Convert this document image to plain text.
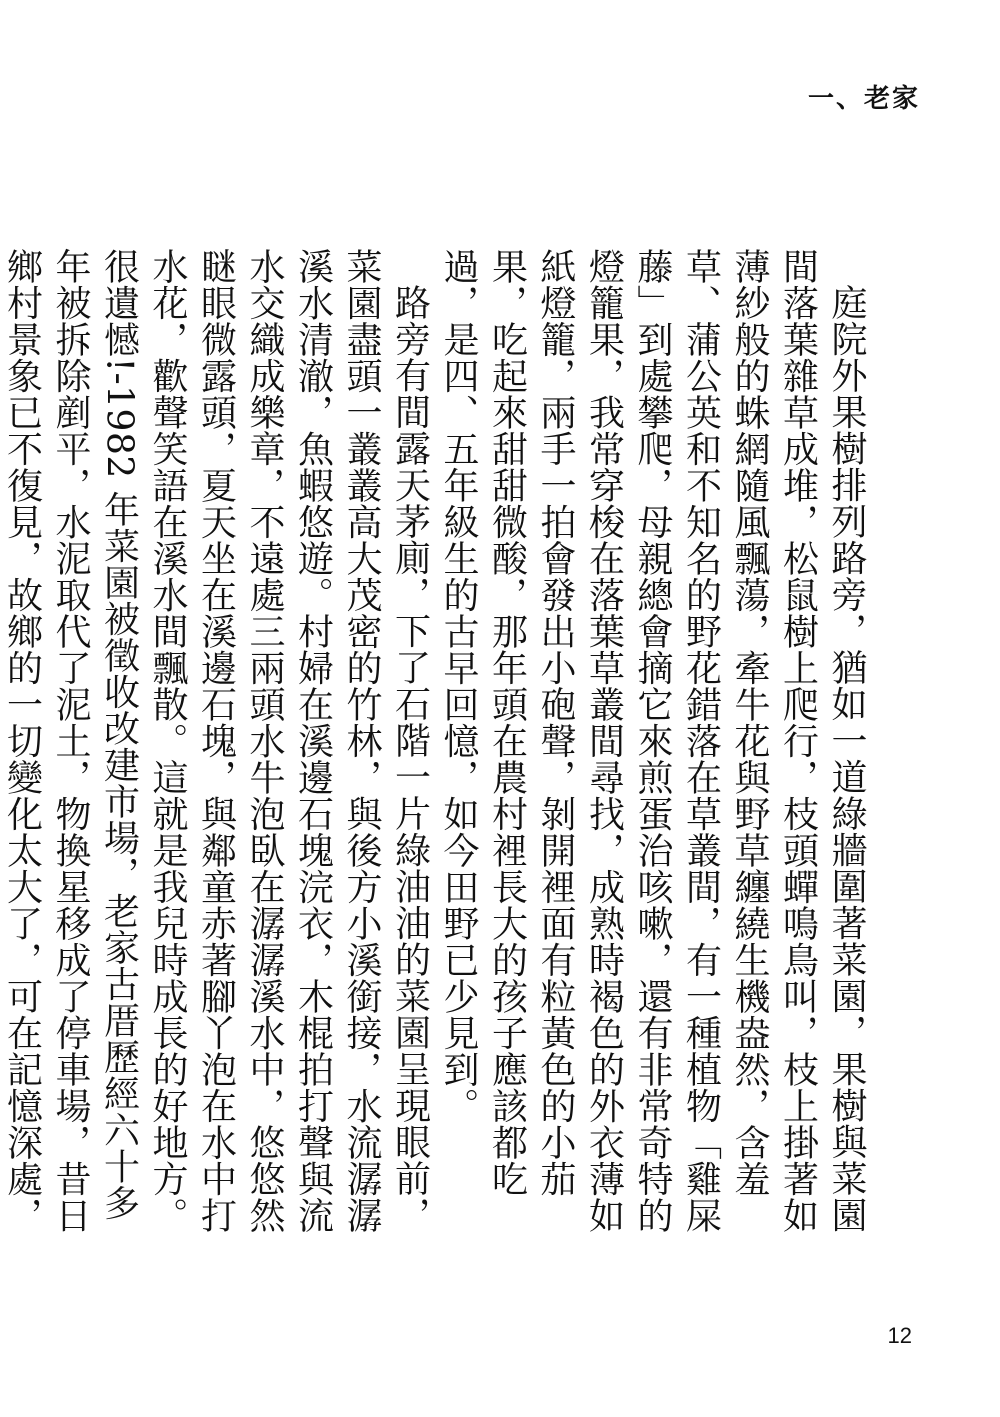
一、老家

庭院外果樹排列路旁，猶如一道綠牆圍著菜園，果樹與菜園間落葉雜草成堆，松鼠樹上爬行，枝頭蟬鳴鳥叫，枝上掛著如薄紗般的蛛網隨風飄蕩，牽牛花與野草纏繞生機盎然，含羞草、蒲公英和不知名的野花錯落在草叢間，有一種植物「雞屎藤」到處攀爬，母親總會摘它來煎蛋治咳嗽，還有非常奇特的燈籠果，我常穿梭在落葉草叢間尋找，成熟時褐色的外衣薄如紙燈籠，兩手一拍會發出小砲聲，剝開裡面有粒黃色的小茄果，吃起來甜甜微酸，那年頭在農村裡長大的孩子應該都吃過，是四、五年級生的古早回憶，如今田野已少見到。

路旁有間露天茅廁，下了石階一片綠油油的菜園呈現眼前，菜園盡頭一叢叢高大茂密的竹林，與後方小溪銜接，水流潺潺溪水清澈，魚蝦悠遊。村婦在溪邊石塊浣衣，木棍拍打聲與流水交織成樂章，不遠處三兩頭水牛泡臥在潺潺溪水中，悠悠然瞇眼微露頭，夏天坐在溪邊石塊，與鄰童赤著腳丫泡在水中打水花，歡聲笑語在溪水間飄散。這就是我兒時成長的好地方。很遺憾!-1982 年菜園被徵收改建市場，老家古厝歷經六十多年被拆除剷平，水泥取代了泥土，物換星移成了停車場，昔日鄉村景象已不復見，故鄉的一切變化太大了，可在記憶深處，

12
